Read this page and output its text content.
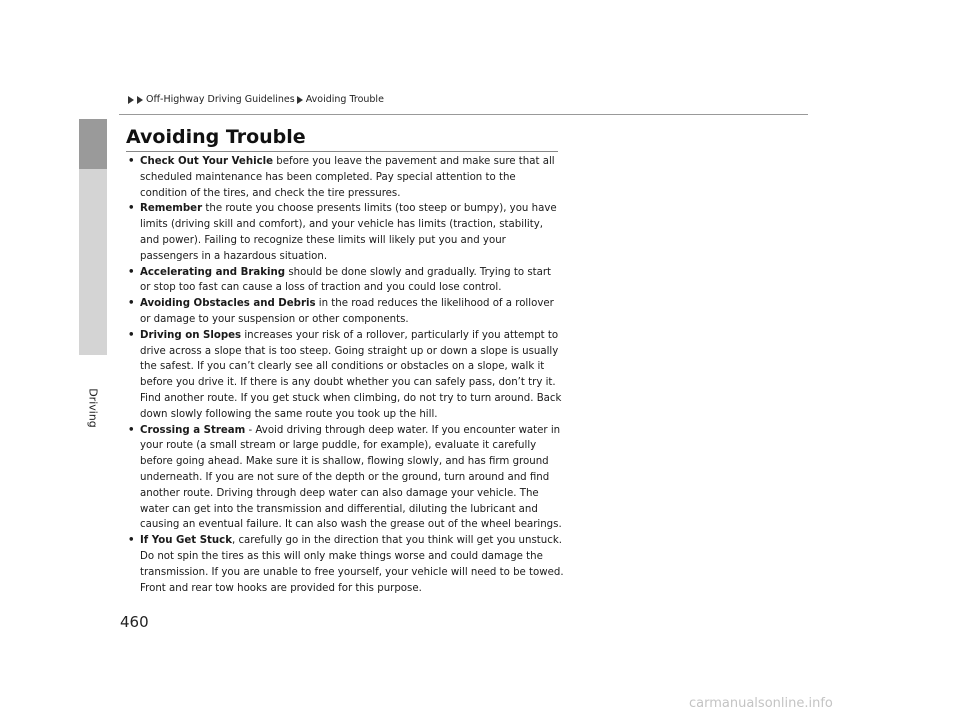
Off-Highway Driving Guidelines Avoiding Trouble
Driving
Avoiding Trouble

• Check Out Your Vehicle before you leave the pavement and make sure that all scheduled maintenance has been completed. Pay special attention to the condition of the tires, and check the tire pressures.

• Remember the route you choose presents limits (too steep or bumpy), you have limits (driving skill and comfort), and your vehicle has limits (traction, stability, and power). Failing to recognize these limits will likely put you and your passengers in a hazardous situation.

• Accelerating and Braking should be done slowly and gradually. Trying to start or stop too fast can cause a loss of traction and you could lose control.

• Avoiding Obstacles and Debris in the road reduces the likelihood of a rollover or damage to your suspension or other components.

• Driving on Slopes increases your risk of a rollover, particularly if you attempt to drive across a slope that is too steep. Going straight up or down a slope is usually the safest. If you can’t clearly see all conditions or obstacles on a slope, walk it before you drive it. If there is any doubt whether you can safely pass, don’t try it. Find another route. If you get stuck when climbing, do not try to turn around. Back down slowly following the same route you took up the hill.

• Crossing a Stream - Avoid driving through deep water. If you encounter water in your route (a small stream or large puddle, for example), evaluate it carefully before going ahead. Make sure it is shallow, flowing slowly, and has firm ground underneath. If you are not sure of the depth or the ground, turn around and find another route. Driving through deep water can also damage your vehicle. The water can get into the transmission and differential, diluting the lubricant and causing an eventual failure. It can also wash the grease out of the wheel bearings.

• If You Get Stuck, carefully go in the direction that you think will get you unstuck. Do not spin the tires as this will only make things worse and could damage the transmission. If you are unable to free yourself, your vehicle will need to be towed. Front and rear tow hooks are provided for this purpose.

460

carmanualsonline.info
